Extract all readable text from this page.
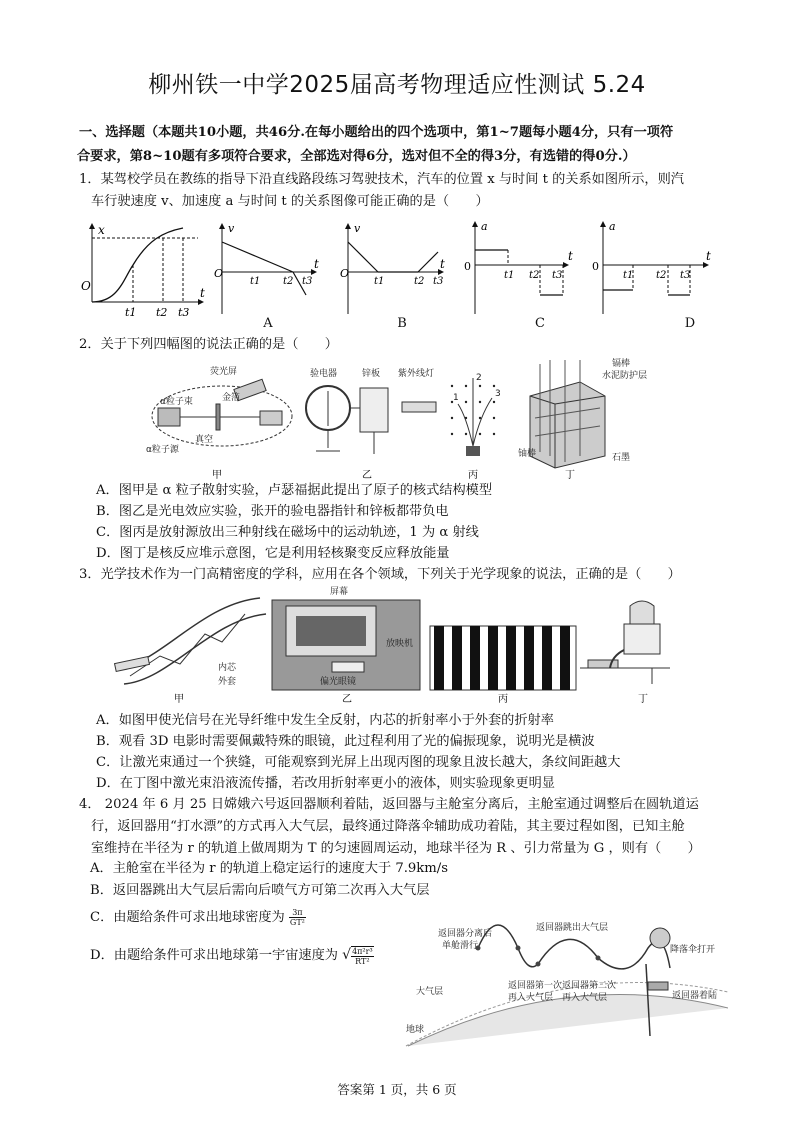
柳州铁一中学2025届高考物理适应性测试 5.24
一、选择题（本题共10小题，共46分.在每小题给出的四个选项中，第1~7题每小题4分，只有一项符
合要求，第8~10题有多项符合要求，全部选对得6分，选对但不全的得3分，有选错的得0分.）
1．某驾校学员在教练的指导下沿直线路段练习驾驶技术，汽车的位置 x 与时间 t 的关系如图所示，则汽
车行驶速度 v、加速度 a 与时间 t 的关系图像可能正确的是（　　）
x
O	t
t1 t2 t3
v
O
t
t1 t2 t3
v
O
t
t1	t2 t3
a
0
t
t1 t2 t3
a
0
t
t1 t2 t3
A	B	C	D
2．关于下列四幅图的说法正确的是（　　）
荧光屏
金箔
α粒子束
真空
α粒子源
甲
验电器	锌板 紫外线灯
乙
1
2
3
丙
镉棒
水泥防护层
铀棒	石墨
丁
A．图甲是 α 粒子散射实验，卢瑟福据此提出了原子的核式结构模型
B．图乙是光电效应实验，张开的验电器指针和锌板都带负电
C．图丙是放射源放出三种射线在磁场中的运动轨迹，1 为 α 射线
D．图丁是核反应堆示意图，它是利用轻核聚变反应释放能量
3．光学技术作为一门高精密度的学科，应用在各个领域，下列关于光学现象的说法，正确的是（　　）
内芯
外套
甲
屏幕
放映机
偏光眼镜
乙	丙	丁
A．如图甲使光信号在光导纤维中发生全反射，内芯的折射率小于外套的折射率
B．观看 3D 电影时需要佩戴特殊的眼镜，此过程利用了光的偏振现象，说明光是横波
C．让激光束通过一个狭缝，可能观察到光屏上出现丙图的现象且波长越大，条纹间距越大
D．在丁图中激光束沿液流传播，若改用折射率更小的液体，则实验现象更明显
4． 2024 年 6 月 25 日嫦娥六号返回器顺利着陆，返回器与主舱室分离后，主舱室通过调整后在圆轨道运
行，返回器用“打水漂”的方式再入大气层，最终通过降落伞辅助成功着陆，其主要过程如图，已知主舱
室维持在半径为 r 的轨道上做周期为 T 的匀速圆周运动，地球半径为 R 、引力常量为 G ，则有（　　）
A．主舱室在半径为 r 的轨道上稳定运行的速度大于 7.9km/s
B．返回器跳出大气层后需向后喷气方可第二次再入大气层
C．由题给条件可求出地球密度为 $\frac{3\pi}{\text{GT²}}$
D．由题给条件可求出地球第一宇宙速度为 √ $\frac{\text{4π²r³}}{\text{RT²}}$
返回器分离后
单舱滑行
返回器跳出大气层
返回器第一次
再入大气层
返回器第二次
再入大气层
降落伞打开
返回器着陆
大气层
地球
答案第 1 页，共 6 页
